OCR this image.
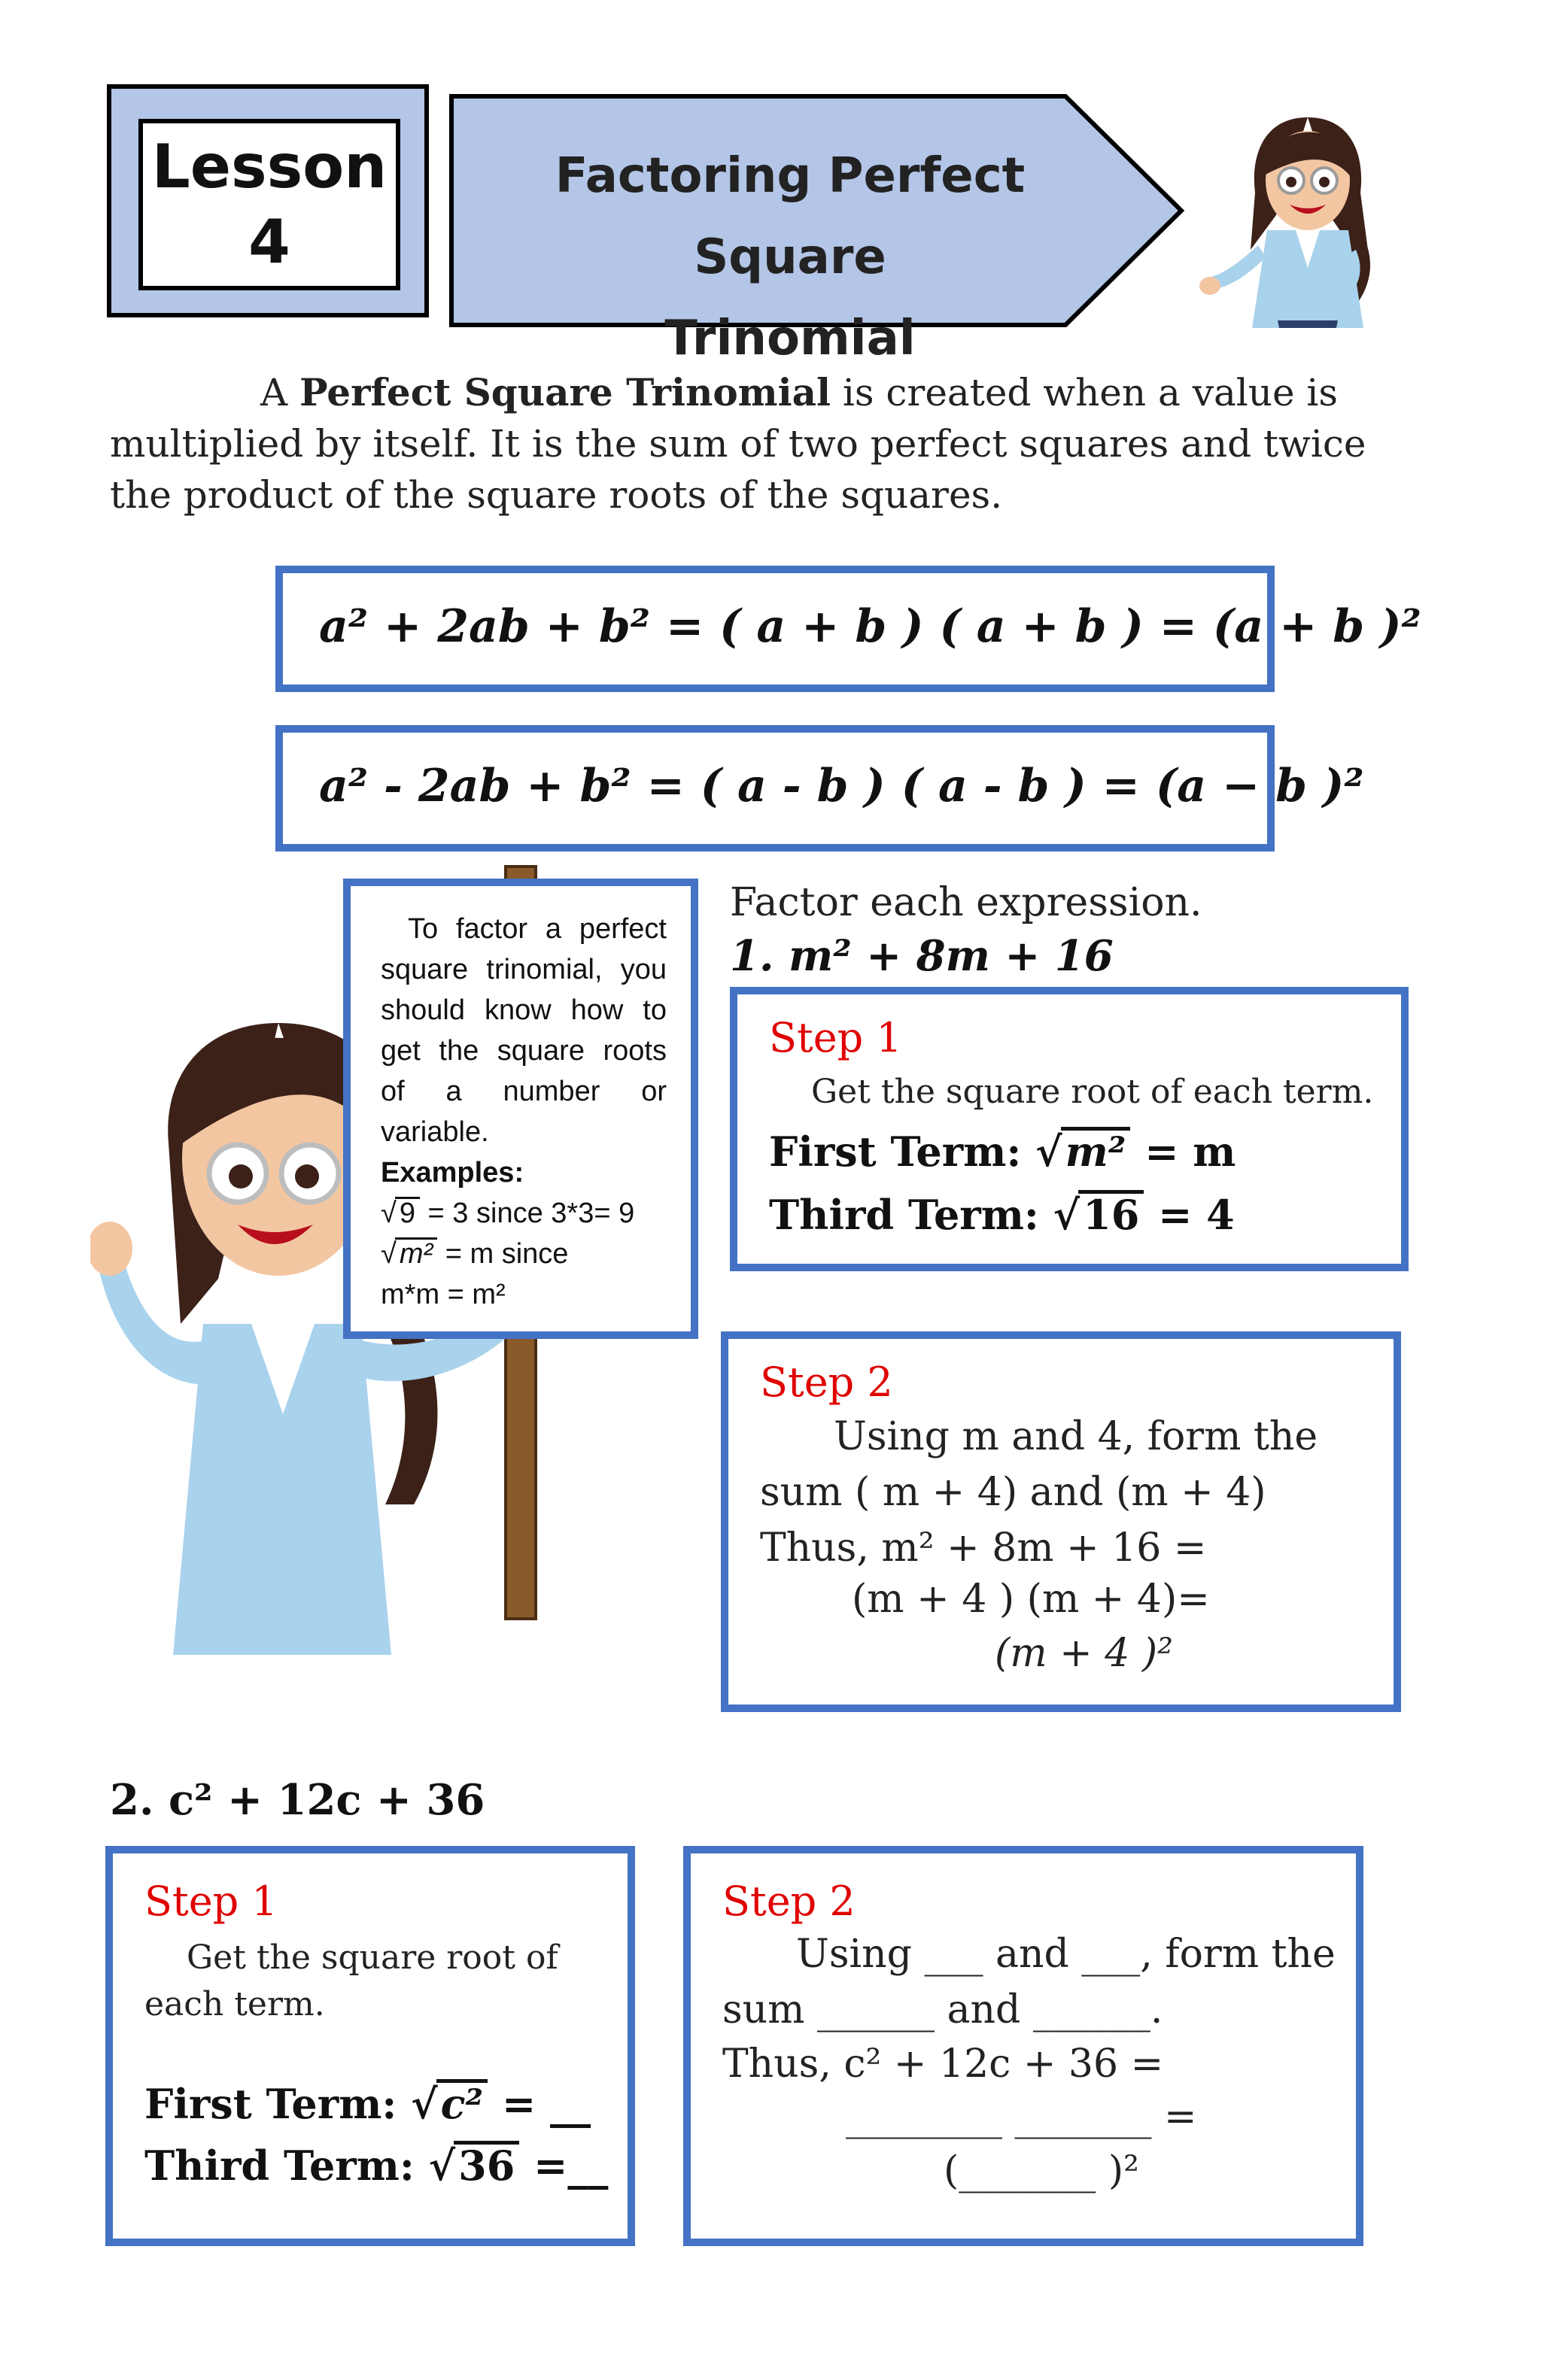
Lesson
4
Factoring Perfect Square
Trinomial
A Perfect Square Trinomial is created when a value is multiplied by itself. It is the sum of two perfect squares and twice the product of the square roots of the squares.
a² + 2ab + b² = ( a + b ) ( a + b ) = (a + b )²
a² - 2ab + b² = ( a - b ) ( a - b ) = (a − b )²
To factor a perfect square trinomial, you should know how to get the square roots of a number or variable.
Examples:
√ 9 = 3 since 3*3= 9
√ m² = m since
m*m = m²
Factor each expression.
1. m² + 8m + 16
Step 1
Get the square root of each term.
First Term: √m² = m
Third Term: √16 = 4
Step 2
Using m and 4, form the
sum ( m + 4) and (m + 4)
Thus, m² + 8m + 16 =
(m + 4 ) (m + 4)=
(m + 4 )²
2. c² + 12c + 36
Step 1
Get the square root of each term.
First Term: √c² = __
Third Term: √36 =__
Step 2
Using ___ and ___, form the
sum ______ and ______.
Thus, c² + 12c + 36 =
________ _______ =
(_______ )²
